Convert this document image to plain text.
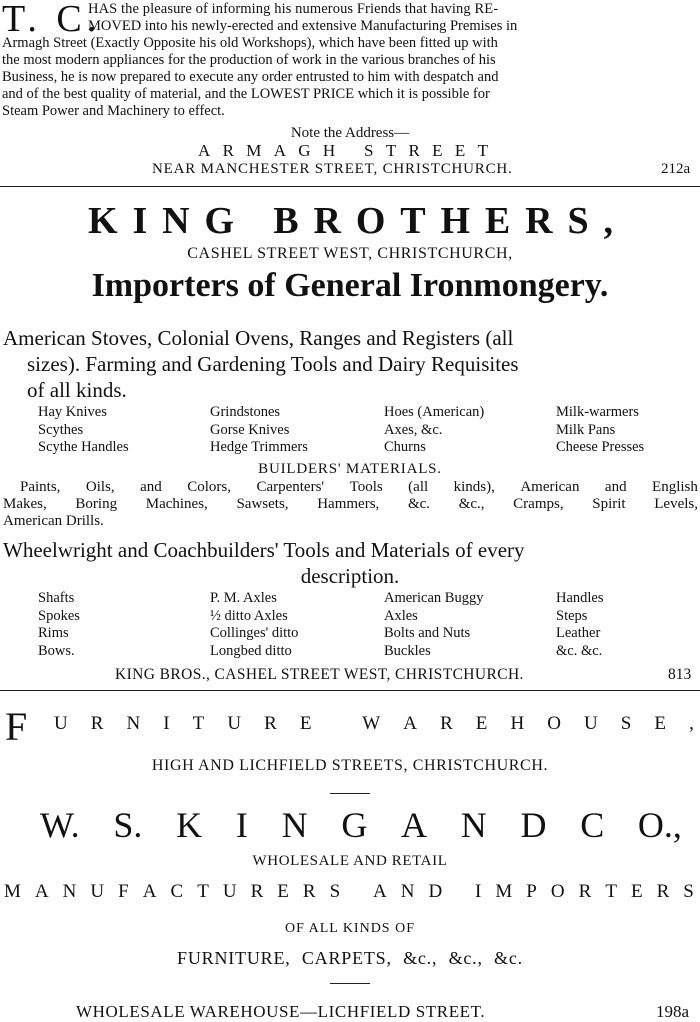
T. C.
HAS the pleasure of informing his numerous Friends that having RE-
MOVED into his newly-erected and extensive Manufacturing Premises in
Armagh Street (Exactly Opposite his old Workshops), which have been fitted up with
the most modern appliances for the production of work in the various branches of his
Business, he is now prepared to execute any order entrusted to him with despatch and
and of the best quality of material, and the LOWEST PRICE which it is possible for
Steam Power and Machinery to effect.
Note the Address—
A R M A G H
S T R E E T
NEAR MANCHESTER STREET, CHRISTCHURCH.	212a
K I N G
B R O T H E R S ,
CASHEL STREET WEST, CHRISTCHURCH,
Importers of General Ironmongery.
American Stoves, Colonial Ovens, Ranges and Registers (all
sizes). Farming and Gardening Tools and Dairy Requisites
of all kinds.
Hay Knives	Grindstones	Hoes (American)	Milk-warmers
Scythes	Gorse Knives	Axes, &c.	Milk Pans
Scythe Handles	Hedge Trimmers	Churns	Cheese Presses
BUILDERS' MATERIALS.
Paints, Oils, and Colors, Carpenters' Tools (all kinds), American and English
Makes, Boring Machines, Sawsets, Hammers, &c. &c., Cramps, Spirit Levels,
American Drills.
Wheelwright and Coachbuilders' Tools and Materials of every
description.
Shafts	P. M. Axles	American Buggy	Handles
Spokes	½ ditto Axles	Axles	Steps
Rims	Collinges' ditto	Bolts and Nuts	Leather
Bows.	Longbed ditto	Buckles	&c. &c.
KING BROS., CASHEL STREET WEST, CHRISTCHURCH.	813
F U R N I T U R E
	W A R E H O U S E ,
HIGH AND LICHFIELD STREETS, CHRISTCHURCH.
W. S. K I N G A N D C O.,
WHOLESALE AND RETAIL
M A N U F A C T U R E R S
A N D
I M P O R T E R S
OF ALL KINDS OF
FURNITURE, CARPETS, &c., &c., &c.
WHOLESALE WAREHOUSE—LICHFIELD STREET.	198a
